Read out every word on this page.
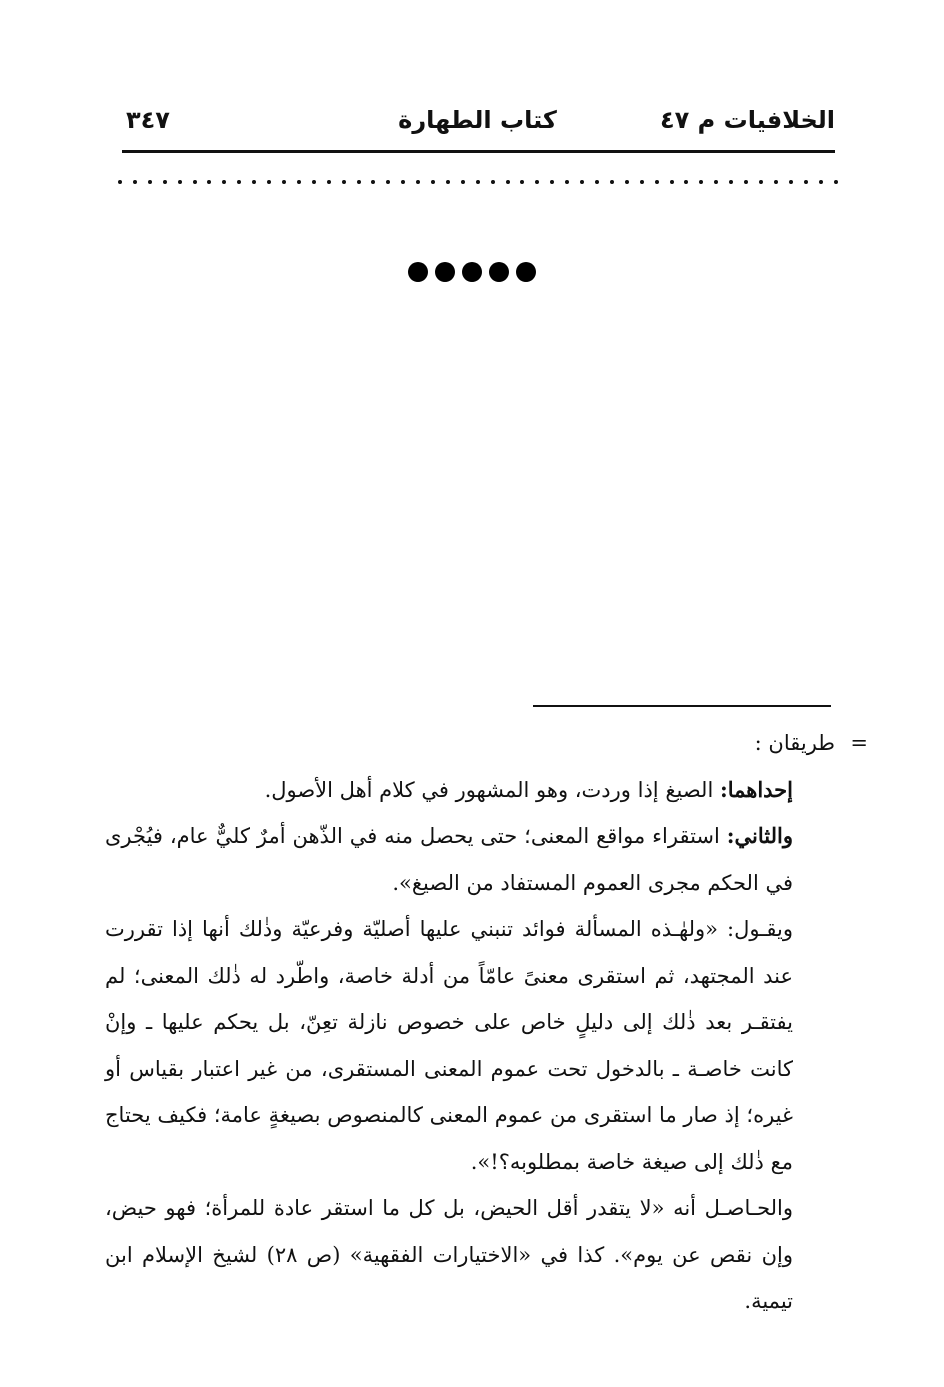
الخلافيات م ٤٧
كتاب الطهارة
٣٤٧

=
طريقان :

إحداهما: الصيغ إذا وردت، وهو المشهور في كلام أهل الأصول.

والثاني: استقراء مواقع المعنى؛ حتى يحصل منه في الذّهن أمرٌ كليٌّ عام، فيُجْرى في الحكم مجرى العموم المستفاد من الصيغ».

ويقـول: «ولهٰـذه المسألة فوائد تنبني عليها أصليّة وفرعيّة وذٰلك أنها إذا تقررت عند المجتهد، ثم استقرى معنىً عامّاً من أدلة خاصة، واطّرد له ذٰلك المعنى؛ لم يفتقـر بعد ذٰلك إلى دليلٍ خاص على خصوص نازلة تعِنّ، بل يحكم عليها ـ وإنْ كانت خاصـة ـ بالدخول تحت عموم المعنى المستقرى، من غير اعتبار بقياس أو غيره؛ إذ صار ما استقرى من عموم المعنى كالمنصوص بصيغةٍ عامة؛ فكيف يحتاج مع ذٰلك إلى صيغة خاصة بمطلوبه؟!».

والحـاصـل أنه «لا يتقدر أقل الحيض، بل كل ما استقر عادة للمرأة؛ فهو حيض، وإن نقص عن يوم». كذا في «الاختيارات الفقهية» (ص ٢٨) لشيخ الإسلام ابن تيمية.
